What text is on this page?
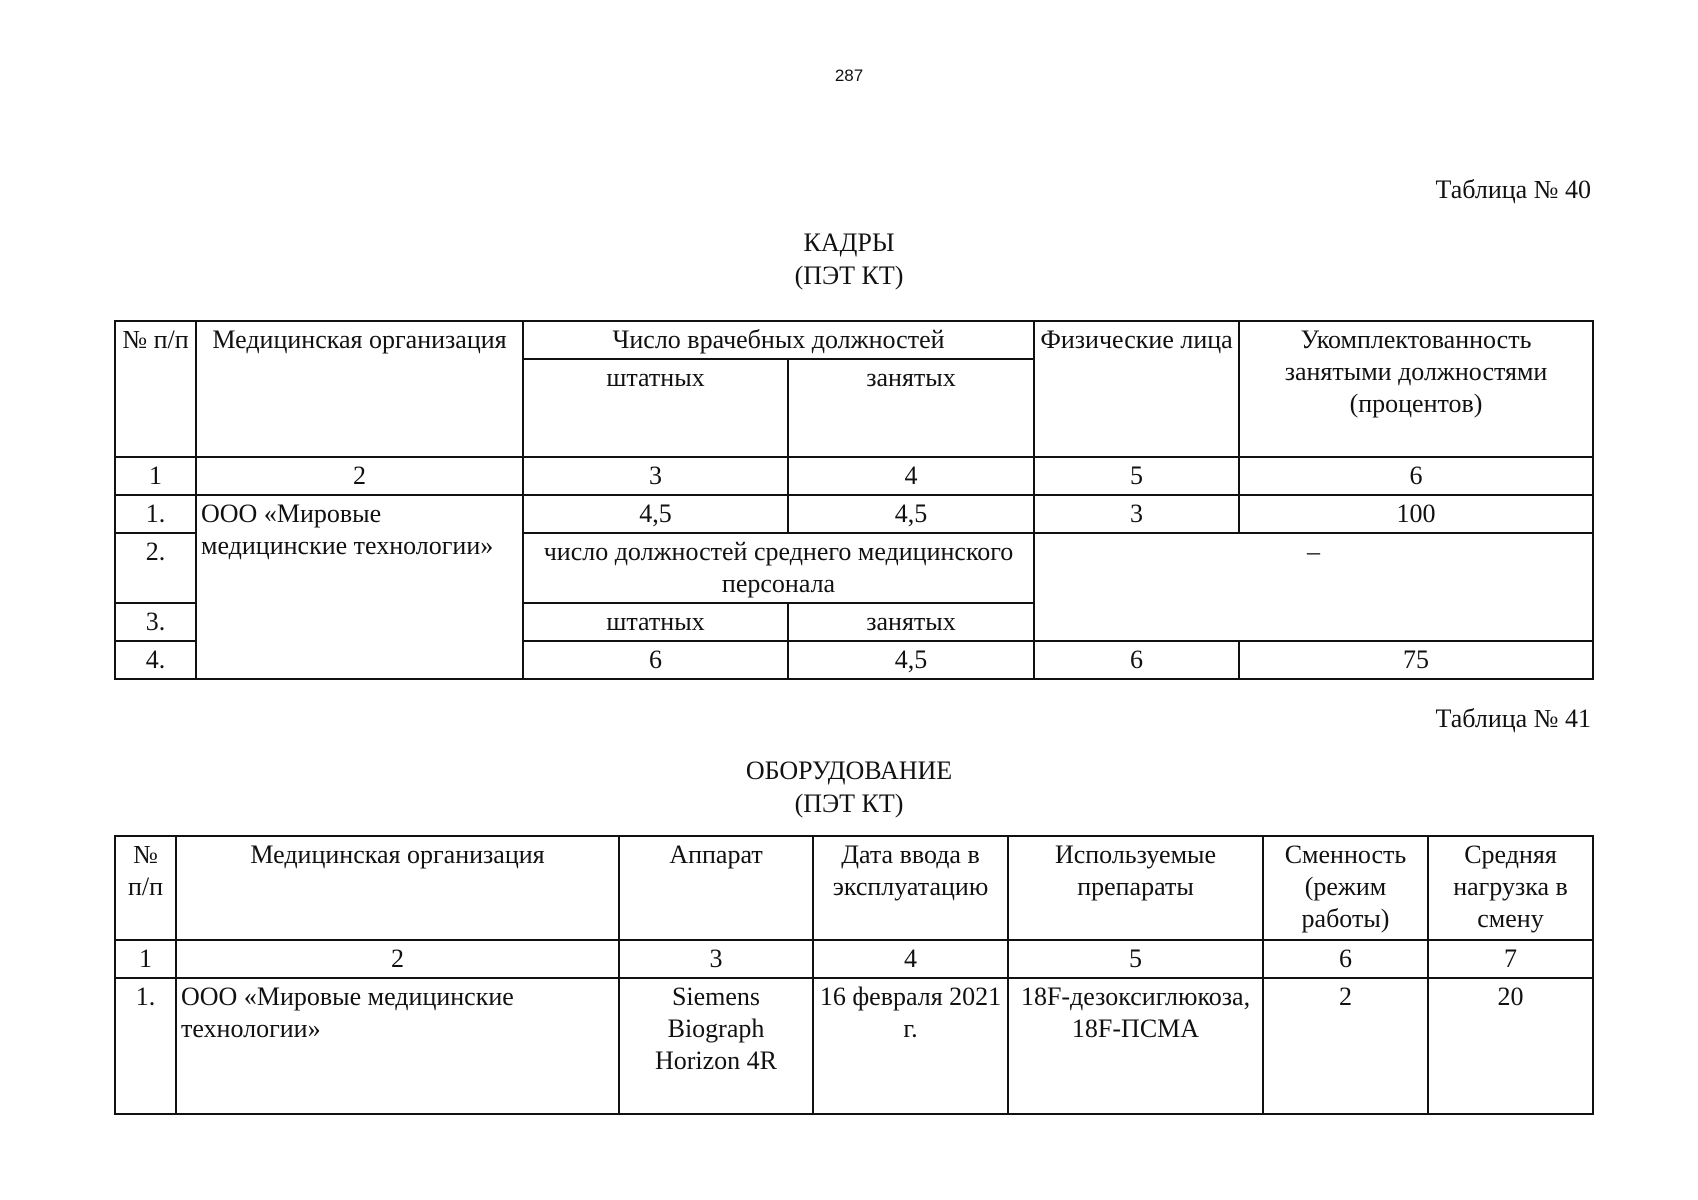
287
Таблица № 40
КАДРЫ
(ПЭТ КТ)
№ п/п	Медицинская организация	Число врачебных должностей		Физические лица	Укомплектованность занятыми должностями (процентов)
		штатных	занятых		
1	2	3	4	5	6
1.	ООО «Мировые медицинские технологии»	4,5	4,5	3	100
2.		число должностей среднего медицинского персонала		–	
3.		штатных	занятых		
4.		6	4,5	6	75
Таблица № 41
ОБОРУДОВАНИЕ
(ПЭТ КТ)
№ п/п	Медицинская организация	Аппарат	Дата ввода в эксплуатацию	Используемые препараты	Сменность (режим работы)	Средняя нагрузка в смену
1	2	3	4	5	6	7
1.	ООО «Мировые медицинские технологии»	Siemens Biograph Horizon 4R	16 февраля 2021 г.	18F-дезоксиглюкоза, 18F-ПСМА	2	20
